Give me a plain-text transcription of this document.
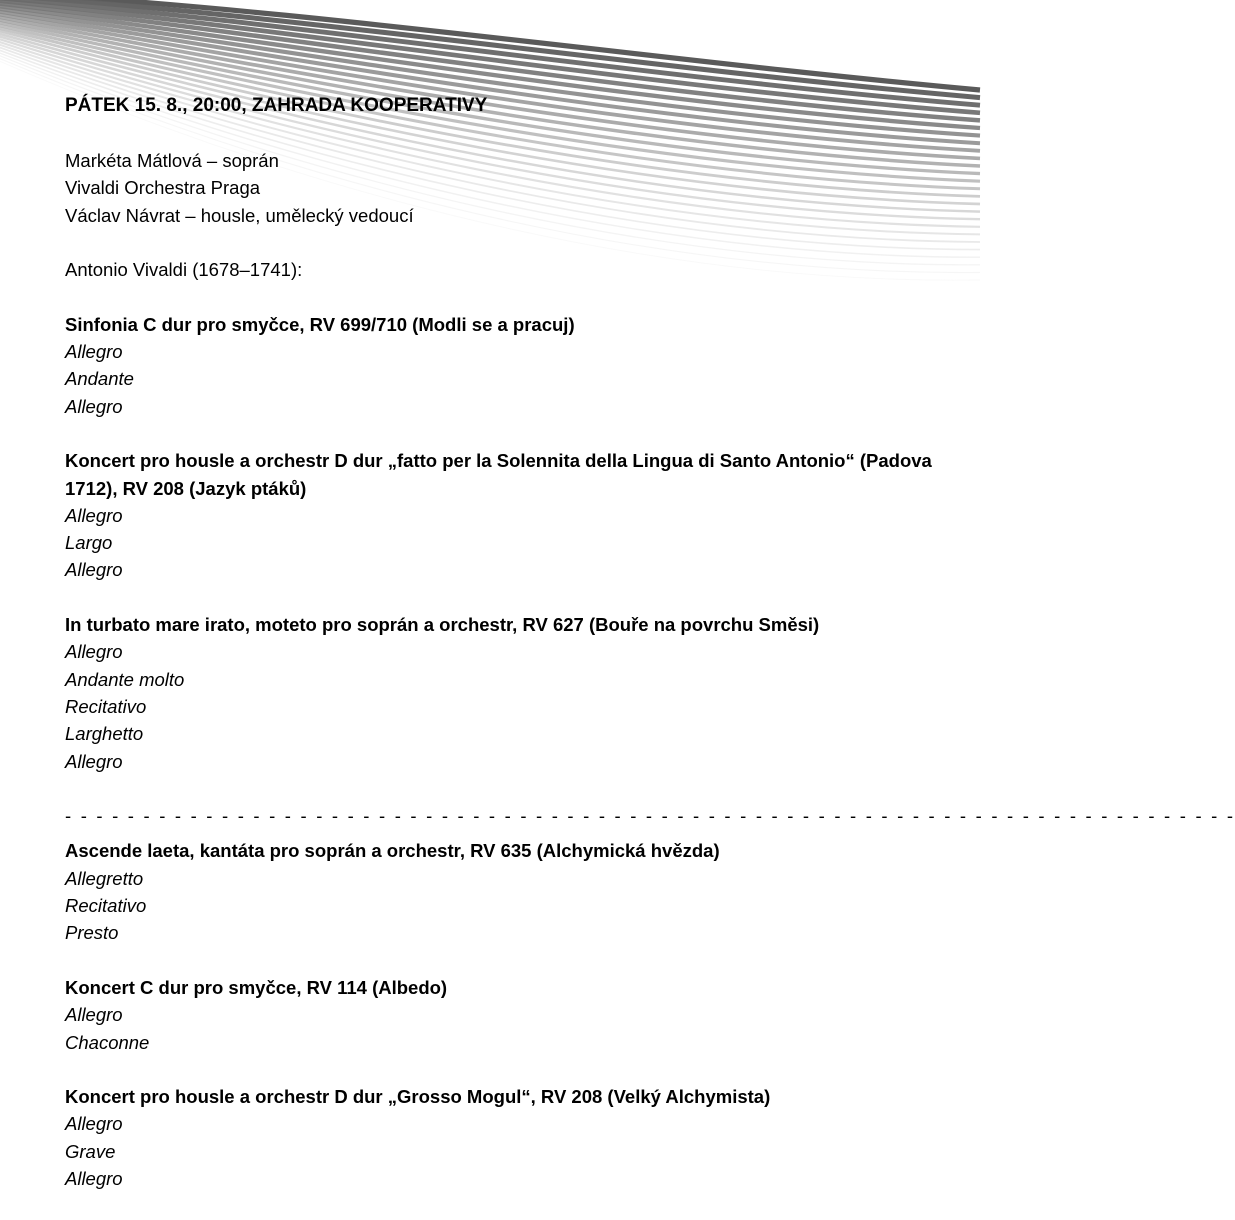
PÁTEK 15. 8., 20:00, ZAHRADA KOOPERATIVY
Markéta Mátlová – soprán
Vivaldi Orchestra Praga
Václav Návrat – housle, umělecký vedoucí
Antonio Vivaldi (1678–1741):
Sinfonia C dur pro smyčce, RV 699/710 (Modli se a pracuj)
Allegro
Andante
Allegro
Koncert pro housle a orchestr D dur „fatto per la Solennita della Lingua di Santo Antonio“ (Padova 1712), RV 208 (Jazyk ptáků)
Allegro
Largo
Allegro
In turbato mare irato, moteto pro soprán a orchestr, RV 627 (Bouře na povrchu Směsi)
Allegro
Andante molto
Recitativo
Larghetto
Allegro
- - - - - - - - - - - - - - - - - - - - - - - - - - - - - - - - - - - - - - - - - - - - - - - - - - - - - - - - - - - - - - - - - - - - - - - - - - -
Ascende laeta, kantáta pro soprán a orchestr, RV 635 (Alchymická hvězda)
Allegretto
Recitativo
Presto
Koncert C dur pro smyčce, RV 114 (Albedo)
Allegro
Chaconne
Koncert pro housle a orchestr D dur „Grosso Mogul“, RV 208 (Velký Alchymista)
Allegro
Grave
Allegro
